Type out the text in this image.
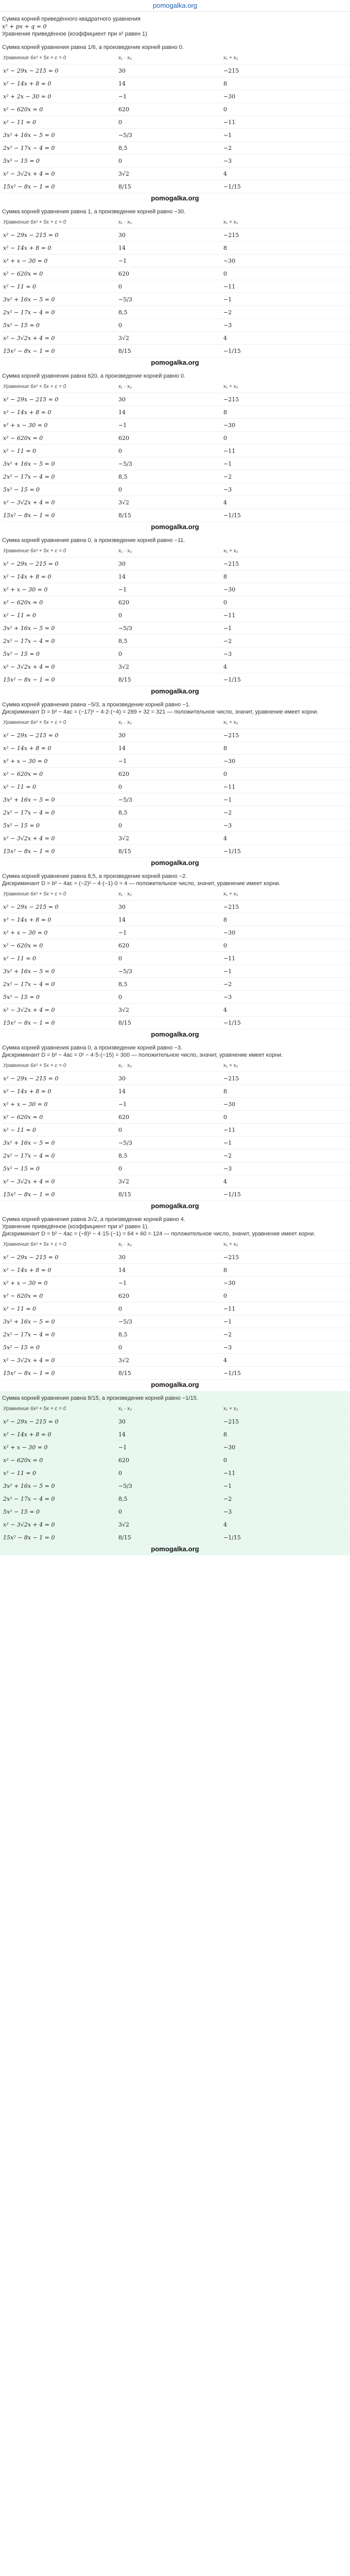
pomogalka.org
Сумма корней приведённого квадратного уравнения
x² + px + q = 0
Уравнение приведённое (коэффициент при x² равен 1)
Сумма корней уравнения равна 1/6, а произведение корней равно 0.
Уравнение 6x² + 5x + c = 0	x₁ · x₂	x₁ + x₂
x² − 29x − 215 = 0	30	−215
x² − 14x + 8 = 0	14	8
x² + 2x − 30 = 0	−1	−30
x² − 620x = 0	620	0
x² − 11 = 0	0	−11
3x² + 16x − 5 = 0	−5/3	−1
2x² − 17x − 4 = 0	8,5	−2
5x² − 15 = 0	0	−3
x² − 3√2x + 4 = 0	3√2	4
15x² − 8x − 1 = 0	8/15	−1/15
pomogalka.org
Сумма корней уравнения равна 1, а произведение корней равно −30.
Уравнение 6x² + 5x + c = 0	x₁ · x₂	x₁ + x₂
x² − 29x − 215 = 0	30	−215
x² − 14x + 8 = 0	14	8
x² + x − 30 = 0	−1	−30
x² − 620x = 0	620	0
x² − 11 = 0	0	−11
3x² + 16x − 5 = 0	−5/3	−1
2x² − 17x − 4 = 0	8,5	−2
5x² − 15 = 0	0	−3
x² − 3√2x + 4 = 0	3√2	4
15x² − 8x − 1 = 0	8/15	−1/15
pomogalka.org
Сумма корней уравнения равна 620, а произведение корней равно 0.
Уравнение 6x² + 5x + c = 0	x₁ · x₂	x₁ + x₂
x² − 29x − 215 = 0	30	−215
x² − 14x + 8 = 0	14	8
x² + x − 30 = 0	−1	−30
x² − 620x = 0	620	0
x² − 11 = 0	0	−11
3x² + 16x − 5 = 0	−5/3	−1
2x² − 17x − 4 = 0	8,5	−2
5x² − 15 = 0	0	−3
x² − 3√2x + 4 = 0	3√2	4
15x² − 8x − 1 = 0	8/15	−1/15
pomogalka.org
Сумма корней уравнения равна 0, а произведение корней равно −11.
Уравнение 6x² + 5x + c = 0	x₁ · x₂	x₁ + x₂
x² − 29x − 215 = 0	30	−215
x² − 14x + 8 = 0	14	8
x² + x − 30 = 0	−1	−30
x² − 620x = 0	620	0
x² − 11 = 0	0	−11
3x² + 16x − 5 = 0	−5/3	−1
2x² − 17x − 4 = 0	8,5	−2
5x² − 15 = 0	0	−3
x² − 3√2x + 4 = 0	3√2	4
15x² − 8x − 1 = 0	8/15	−1/15
pomogalka.org
Сумма корней уравнения равна −5/3, а произведение корней равно −1.
Дискриминант D = b² − 4ac = (−17)² − 4·2·(−4) = 289 + 32 = 321 — положительное число, значит, уравнение имеет корни.
Уравнение 6x² + 5x + c = 0	x₁ · x₂	x₁ + x₂
x² − 29x − 215 = 0	30	−215
x² − 14x + 8 = 0	14	8
x² + x − 30 = 0	−1	−30
x² − 620x = 0	620	0
x² − 11 = 0	0	−11
3x² + 16x − 5 = 0	−5/3	−1
2x² − 17x − 4 = 0	8,5	−2
5x² − 15 = 0	0	−3
x² − 3√2x + 4 = 0	3√2	4
15x² − 8x − 1 = 0	8/15	−1/15
pomogalka.org
Сумма корней уравнения равна 8,5, а произведение корней равно −2.
Дискриминант D = b² − 4ac = (−2)² − 4·(−1)·0 = 4 — положительное число, значит, уравнение имеет корни.
Уравнение 6x² + 5x + c = 0	x₁ · x₂	x₁ + x₂
x² − 29x − 215 = 0	30	−215
x² − 14x + 8 = 0	14	8
x² + x − 30 = 0	−1	−30
x² − 620x = 0	620	0
x² − 11 = 0	0	−11
3x² + 16x − 5 = 0	−5/3	−1
2x² − 17x − 4 = 0	8,5	−2
5x² − 15 = 0	0	−3
x² − 3√2x + 4 = 0	3√2	4
15x² − 8x − 1 = 0	8/15	−1/15
pomogalka.org
Сумма корней уравнения равна 0, а произведение корней равно −3.
Дискриминант D = b² − 4ac = 0² − 4·5·(−15) = 300 — положительное число, значит, уравнение имеет корни.
Уравнение 6x² + 5x + c = 0	x₁ · x₂	x₁ + x₂
x² − 29x − 215 = 0	30	−215
x² − 14x + 8 = 0	14	8
x² + x − 30 = 0	−1	−30
x² − 620x = 0	620	0
x² − 11 = 0	0	−11
3x² + 16x − 5 = 0	−5/3	−1
2x² − 17x − 4 = 0	8,5	−2
5x² − 15 = 0	0	−3
x² − 3√2x + 4 = 0	3√2	4
15x² − 8x − 1 = 0	8/15	−1/15
pomogalka.org
Сумма корней уравнения равна 3√2, а произведение корней равно 4.
Уравнение приведённое (коэффициент при x² равен 1).
Дискриминант D = b² − 4ac = (−8)² − 4·15·(−1) = 64 + 60 = 124 — положительное число, значит, уравнение имеет корни.
Уравнение 6x² + 5x + c = 0	x₁ · x₂	x₁ + x₂
x² − 29x − 215 = 0	30	−215
x² − 14x + 8 = 0	14	8
x² + x − 30 = 0	−1	−30
x² − 620x = 0	620	0
x² − 11 = 0	0	−11
3x² + 16x − 5 = 0	−5/3	−1
2x² − 17x − 4 = 0	8,5	−2
5x² − 15 = 0	0	−3
x² − 3√2x + 4 = 0	3√2	4
15x² − 8x − 1 = 0	8/15	−1/15
pomogalka.org
Сумма корней уравнения равна 8/15, а произведение корней равно −1/15.
Уравнение 6x² + 5x + c = 0	x₁ · x₂	x₁ + x₂
x² − 29x − 215 = 0	30	−215
x² − 14x + 8 = 0	14	8
x² + x − 30 = 0	−1	−30
x² − 620x = 0	620	0
x² − 11 = 0	0	−11
3x² + 16x − 5 = 0	−5/3	−1
2x² − 17x − 4 = 0	8,5	−2
5x² − 15 = 0	0	−3
x² − 3√2x + 4 = 0	3√2	4
15x² − 8x − 1 = 0	8/15	−1/15
pomogalka.org
